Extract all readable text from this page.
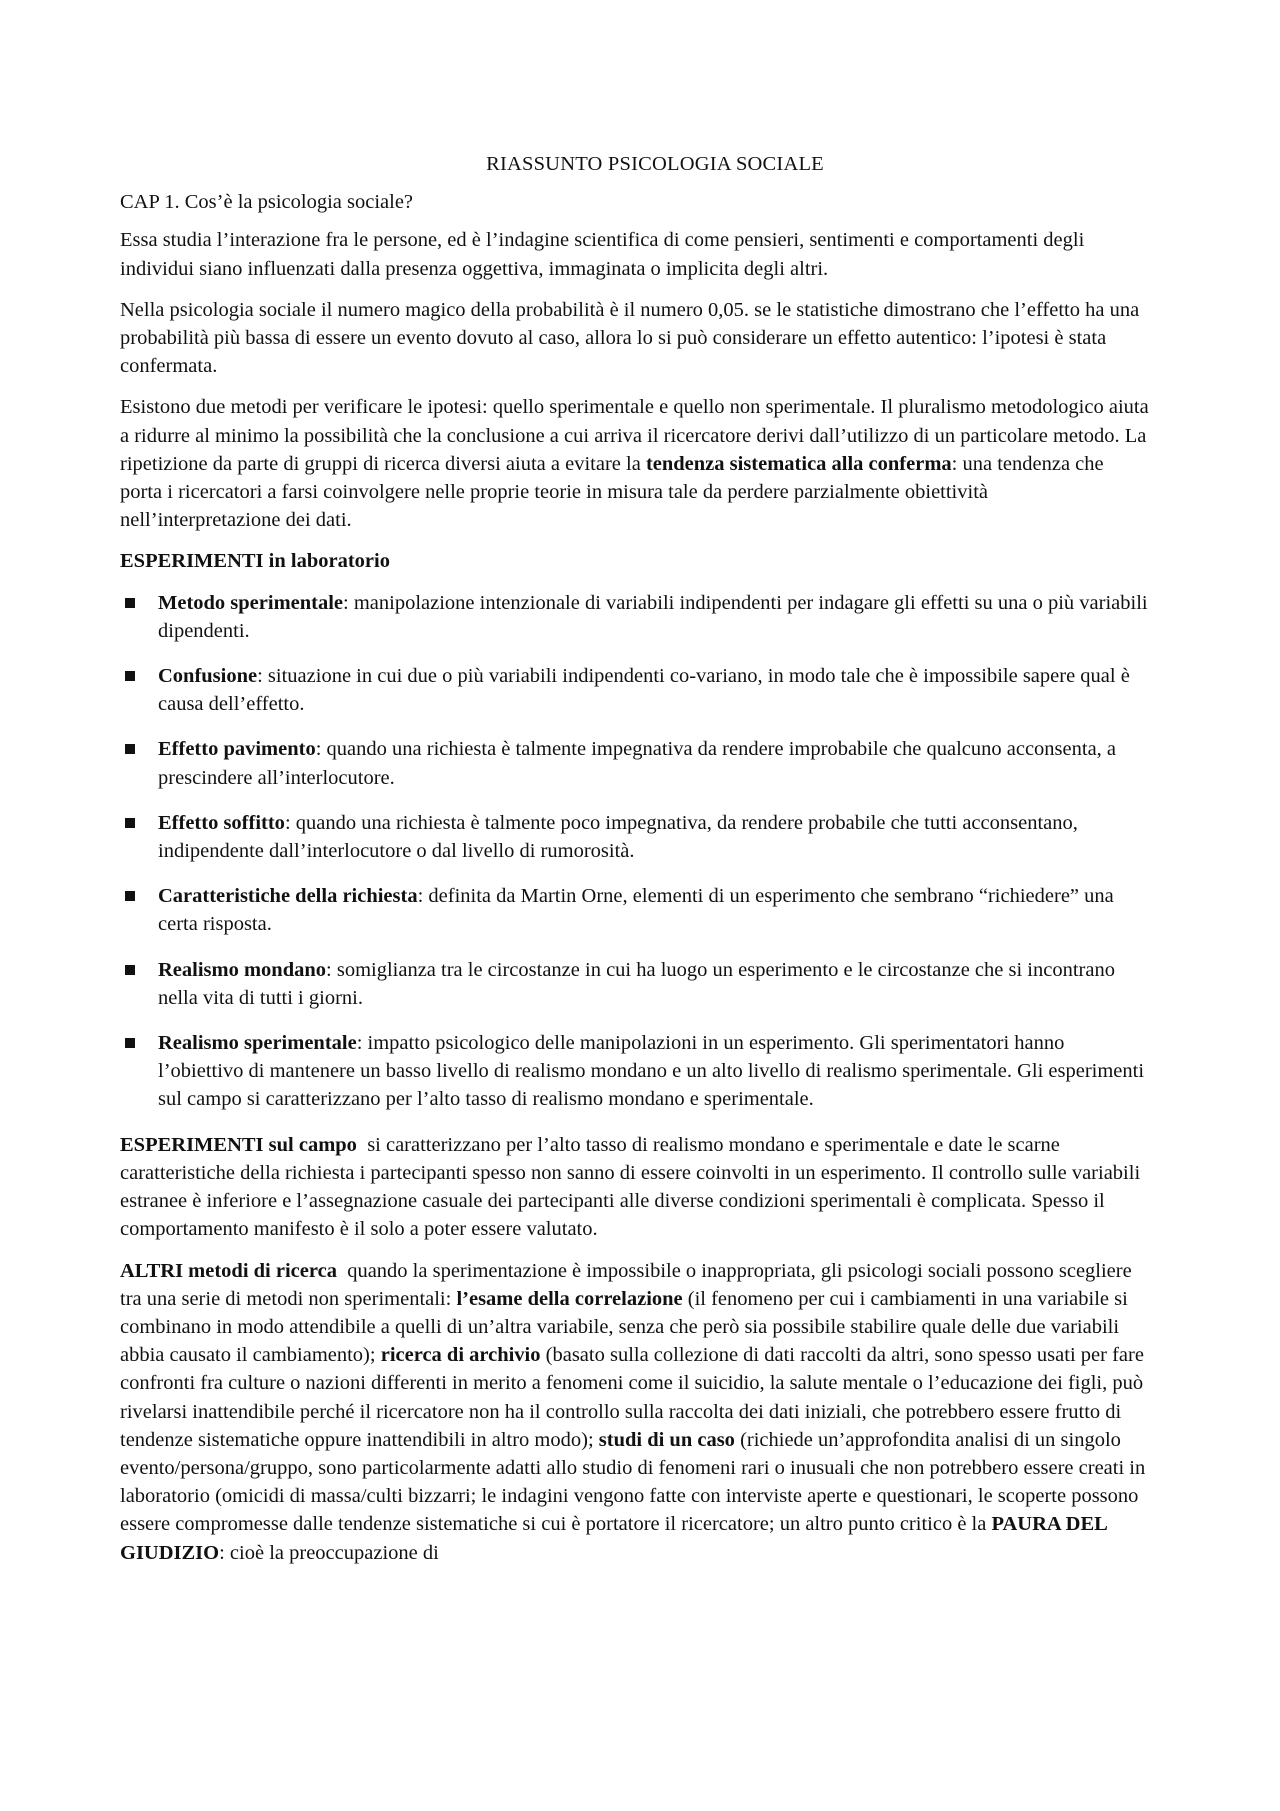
RIASSUNTO PSICOLOGIA SOCIALE
CAP 1. Cos’è la psicologia sociale?

Essa studia l’interazione fra le persone, ed è l’indagine scientifica di come pensieri, sentimenti e comportamenti degli individui siano influenzati dalla presenza oggettiva, immaginata o implicita degli altri.

Nella psicologia sociale il numero magico della probabilità è il numero 0,05. se le statistiche dimostrano che l’effetto ha una probabilità più bassa di essere un evento dovuto al caso, allora lo si può considerare un effetto autentico: l’ipotesi è stata confermata.

Esistono due metodi per verificare le ipotesi: quello sperimentale e quello non sperimentale. Il pluralismo metodologico aiuta a ridurre al minimo la possibilità che la conclusione a cui arriva il ricercatore derivi dall’utilizzo di un particolare metodo. La ripetizione da parte di gruppi di ricerca diversi aiuta a evitare la tendenza sistematica alla conferma: una tendenza che porta i ricercatori a farsi coinvolgere nelle proprie teorie in misura tale da perdere parzialmente obiettività nell’interpretazione dei dati.

ESPERIMENTI in laboratorio
Metodo sperimentale: manipolazione intenzionale di variabili indipendenti per indagare gli effetti su una o più variabili dipendenti.
Confusione: situazione in cui due o più variabili indipendenti co-variano, in modo tale che è impossibile sapere qual è causa dell’effetto.
Effetto pavimento: quando una richiesta è talmente impegnativa da rendere improbabile che qualcuno acconsenta, a prescindere all’interlocutore.
Effetto soffitto: quando una richiesta è talmente poco impegnativa, da rendere probabile che tutti acconsentano, indipendente dall’interlocutore o dal livello di rumorosità.
Caratteristiche della richiesta: definita da Martin Orne, elementi di un esperimento che sembrano “richiedere” una certa risposta.
Realismo mondano: somiglianza tra le circostanze in cui ha luogo un esperimento e le circostanze che si incontrano nella vita di tutti i giorni.
Realismo sperimentale: impatto psicologico delle manipolazioni in un esperimento. Gli sperimentatori hanno l’obiettivo di mantenere un basso livello di realismo mondano e un alto livello di realismo sperimentale. Gli esperimenti sul campo si caratterizzano per l’alto tasso di realismo mondano e sperimentale.

ESPERIMENTI sul campo  si caratterizzano per l’alto tasso di realismo mondano e sperimentale e date le scarne caratteristiche della richiesta i partecipanti spesso non sanno di essere coinvolti in un esperimento. Il controllo sulle variabili estranee è inferiore e l’assegnazione casuale dei partecipanti alle diverse condizioni sperimentali è complicata. Spesso il comportamento manifesto è il solo a poter essere valutato.

ALTRI metodi di ricerca  quando la sperimentazione è impossibile o inappropriata, gli psicologi sociali possono scegliere tra una serie di metodi non sperimentali: l’esame della correlazione (il fenomeno per cui i cambiamenti in una variabile si combinano in modo attendibile a quelli di un’altra variabile, senza che però sia possibile stabilire quale delle due variabili abbia causato il cambiamento); ricerca di archivio (basato sulla collezione di dati raccolti da altri, sono spesso usati per fare confronti fra culture o nazioni differenti in merito a fenomeni come il suicidio, la salute mentale o l’educazione dei figli, può rivelarsi inattendibile perché il ricercatore non ha il controllo sulla raccolta dei dati iniziali, che potrebbero essere frutto di tendenze sistematiche oppure inattendibili in altro modo); studi di un caso (richiede un’approfondita analisi di un singolo evento/persona/gruppo, sono particolarmente adatti allo studio di fenomeni rari o inusuali che non potrebbero essere creati in laboratorio (omicidi di massa/culti bizzarri; le indagini vengono fatte con interviste aperte e questionari, le scoperte possono essere compromesse dalle tendenze sistematiche si cui è portatore il ricercatore; un altro punto critico è la PAURA DEL GIUDIZIO: cioè la preoccupazione di
